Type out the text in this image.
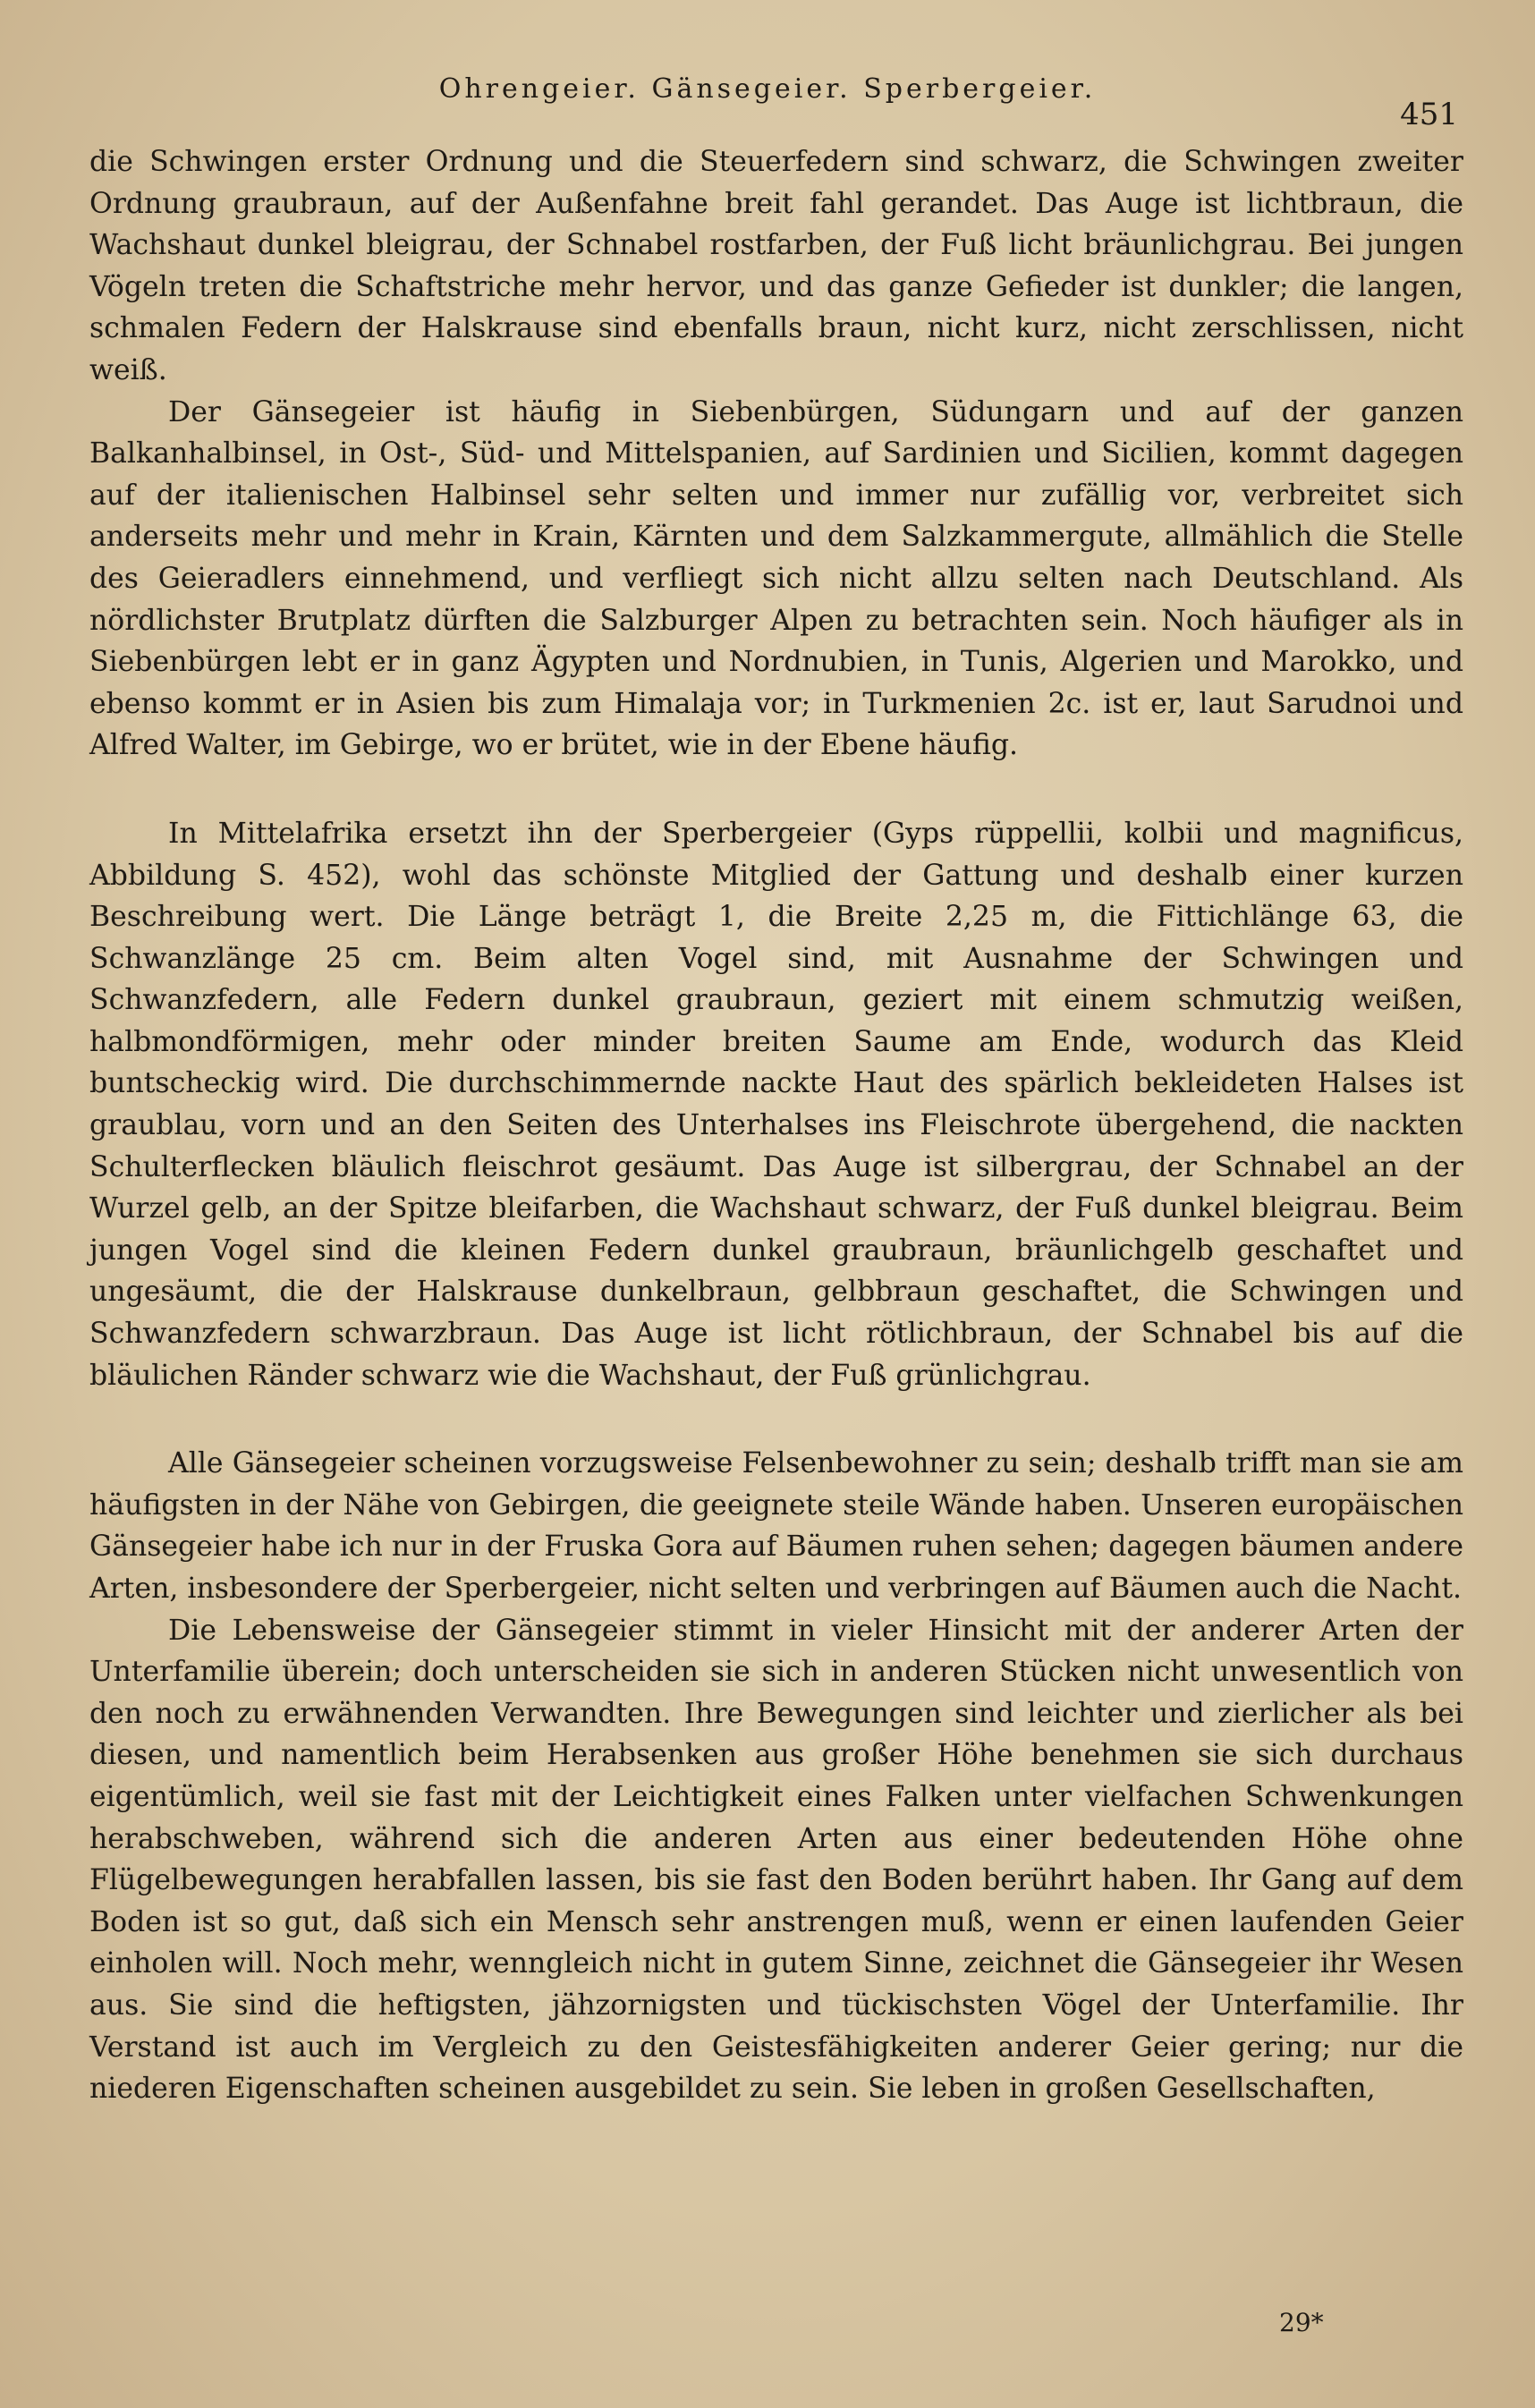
Ohrengeier. Gänsegeier. Sperbergeier.
451

die Schwingen erster Ordnung und die Steuerfedern sind schwarz, die Schwingen zweiter Ordnung graubraun, auf der Außenfahne breit fahl gerandet. Das Auge ist lichtbraun, die Wachshaut dunkel bleigrau, der Schnabel rostfarben, der Fuß licht bräunlichgrau. Bei jungen Vögeln treten die Schaftstriche mehr hervor, und das ganze Gefieder ist dunkler; die langen, schmalen Federn der Halskrause sind ebenfalls braun, nicht kurz, nicht zerschlissen, nicht weiß.

Der Gänsegeier ist häufig in Siebenbürgen, Südungarn und auf der ganzen Balkanhalbinsel, in Ost-, Süd- und Mittelspanien, auf Sardinien und Sicilien, kommt dagegen auf der italienischen Halbinsel sehr selten und immer nur zufällig vor, verbreitet sich anderseits mehr und mehr in Krain, Kärnten und dem Salzkammergute, allmählich die Stelle des Geieradlers einnehmend, und verfliegt sich nicht allzu selten nach Deutschland. Als nördlichster Brutplatz dürften die Salzburger Alpen zu betrachten sein. Noch häufiger als in Siebenbürgen lebt er in ganz Ägypten und Nordnubien, in Tunis, Algerien und Marokko, und ebenso kommt er in Asien bis zum Himalaja vor; in Turkmenien 2c. ist er, laut Sarudnoi und Alfred Walter, im Gebirge, wo er brütet, wie in der Ebene häufig.

In Mittelafrika ersetzt ihn der Sperbergeier (Gyps rüppellii, kolbii und magnificus, Abbildung S. 452), wohl das schönste Mitglied der Gattung und deshalb einer kurzen Beschreibung wert. Die Länge beträgt 1, die Breite 2,25 m, die Fittichlänge 63, die Schwanzlänge 25 cm. Beim alten Vogel sind, mit Ausnahme der Schwingen und Schwanzfedern, alle Federn dunkel graubraun, geziert mit einem schmutzig weißen, halbmondförmigen, mehr oder minder breiten Saume am Ende, wodurch das Kleid buntscheckig wird. Die durchschimmernde nackte Haut des spärlich bekleideten Halses ist graublau, vorn und an den Seiten des Unterhalses ins Fleischrote übergehend, die nackten Schulterflecken bläulich fleischrot gesäumt. Das Auge ist silbergrau, der Schnabel an der Wurzel gelb, an der Spitze bleifarben, die Wachshaut schwarz, der Fuß dunkel bleigrau. Beim jungen Vogel sind die kleinen Federn dunkel graubraun, bräunlichgelb geschaftet und ungesäumt, die der Halskrause dunkelbraun, gelbbraun geschaftet, die Schwingen und Schwanzfedern schwarzbraun. Das Auge ist licht rötlichbraun, der Schnabel bis auf die bläulichen Ränder schwarz wie die Wachshaut, der Fuß grünlichgrau.

Alle Gänsegeier scheinen vorzugsweise Felsenbewohner zu sein; deshalb trifft man sie am häufigsten in der Nähe von Gebirgen, die geeignete steile Wände haben. Unseren europäischen Gänsegeier habe ich nur in der Fruska Gora auf Bäumen ruhen sehen; dagegen bäumen andere Arten, insbesondere der Sperbergeier, nicht selten und verbringen auf Bäumen auch die Nacht.

Die Lebensweise der Gänsegeier stimmt in vieler Hinsicht mit der anderer Arten der Unterfamilie überein; doch unterscheiden sie sich in anderen Stücken nicht unwesentlich von den noch zu erwähnenden Verwandten. Ihre Bewegungen sind leichter und zierlicher als bei diesen, und namentlich beim Herabsenken aus großer Höhe benehmen sie sich durchaus eigentümlich, weil sie fast mit der Leichtigkeit eines Falken unter vielfachen Schwenkungen herabschweben, während sich die anderen Arten aus einer bedeutenden Höhe ohne Flügelbewegungen herabfallen lassen, bis sie fast den Boden berührt haben. Ihr Gang auf dem Boden ist so gut, daß sich ein Mensch sehr anstrengen muß, wenn er einen laufenden Geier einholen will. Noch mehr, wenngleich nicht in gutem Sinne, zeichnet die Gänsegeier ihr Wesen aus. Sie sind die heftigsten, jähzornigsten und tückischsten Vögel der Unterfamilie. Ihr Verstand ist auch im Vergleich zu den Geistesfähigkeiten anderer Geier gering; nur die niederen Eigenschaften scheinen ausgebildet zu sein. Sie leben in großen Gesellschaften,

29*
